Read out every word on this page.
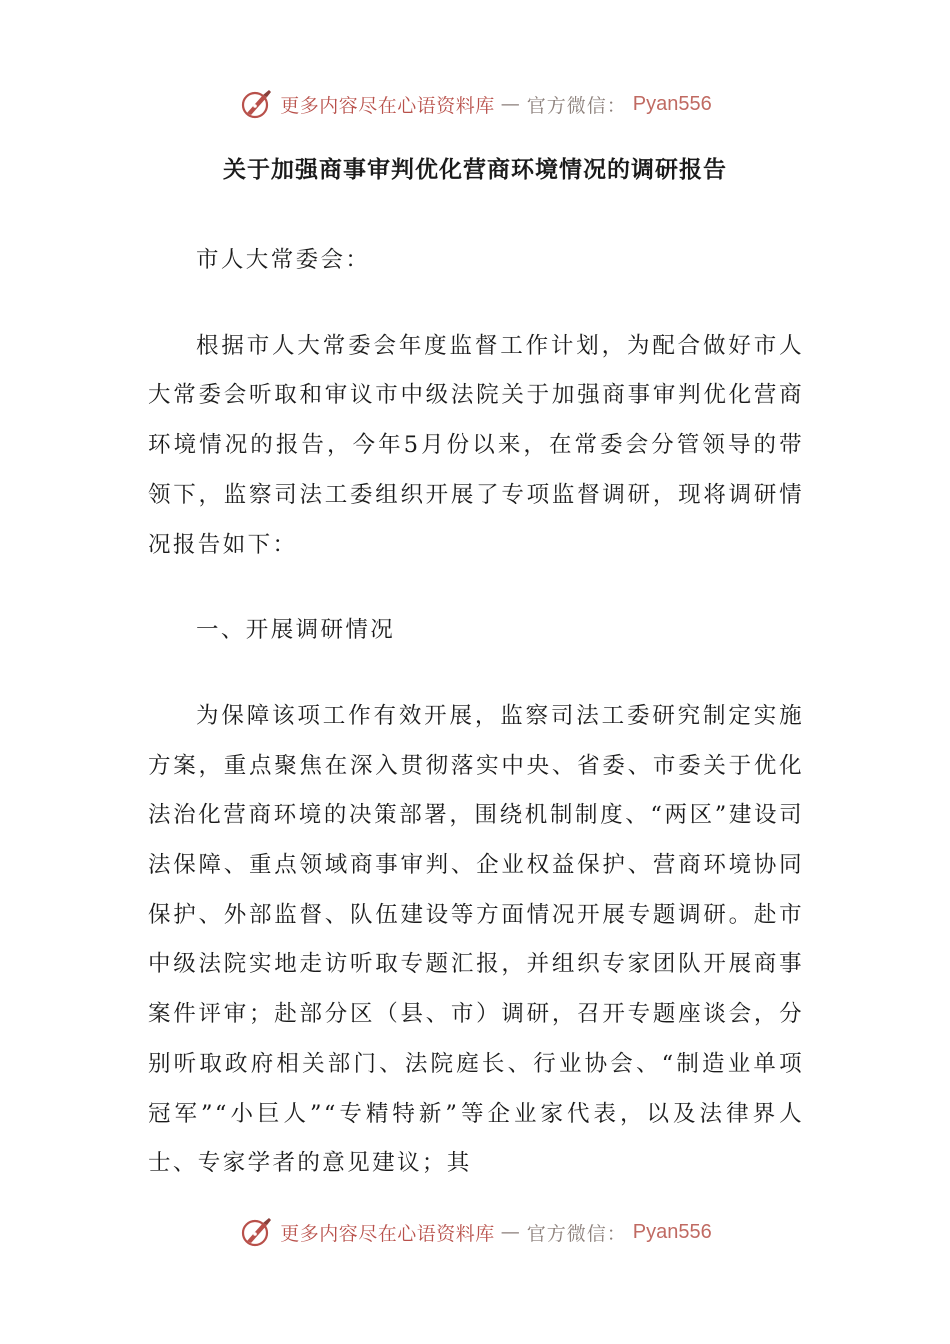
更多内容尽在心语资料库 — 官方微信： Pyan556
关于加强商事审判优化营商环境情况的调研报告

市人大常委会：

根据市人大常委会年度监督工作计划，为配合做好市人大常委会听取和审议市中级法院关于加强商事审判优化营商环境情况的报告，今年5月份以来，在常委会分管领导的带领下，监察司法工委组织开展了专项监督调研，现将调研情况报告如下：

一、开展调研情况

为保障该项工作有效开展，监察司法工委研究制定实施方案，重点聚焦在深入贯彻落实中央、省委、市委关于优化法治化营商环境的决策部署，围绕机制制度、“两区”建设司法保障、重点领域商事审判、企业权益保护、营商环境协同保护、外部监督、队伍建设等方面情况开展专题调研。赴市中级法院实地走访听取专题汇报，并组织专家团队开展商事案件评审；赴部分区（县、市）调研，召开专题座谈会，分别听取政府相关部门、法院庭长、行业协会、“制造业单项冠军”“小巨人”“专精特新”等企业家代表，以及法律界人士、专家学者的意见建议；其

更多内容尽在心语资料库 — 官方微信： Pyan556
